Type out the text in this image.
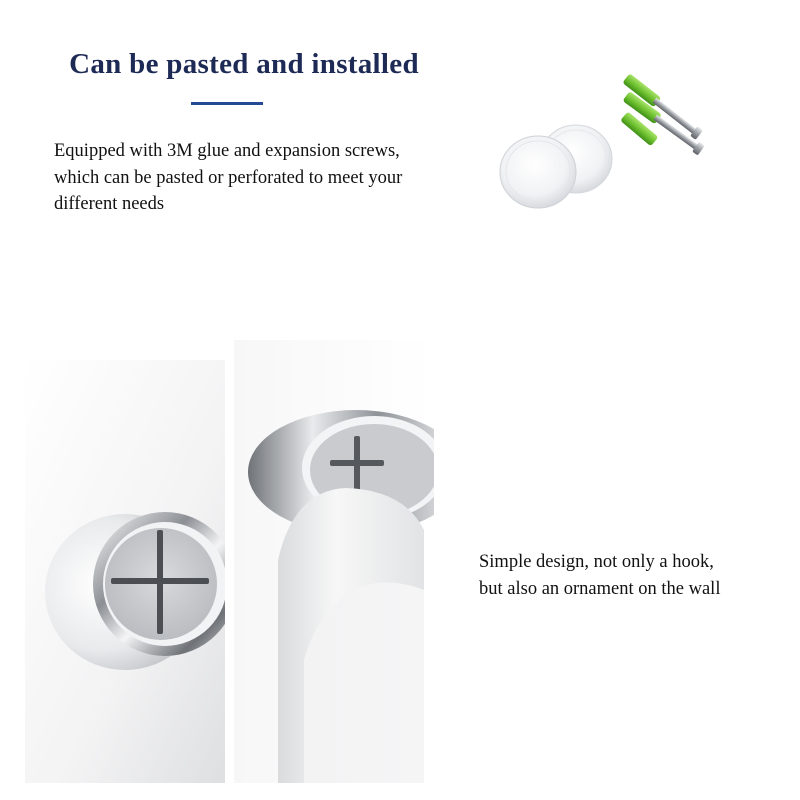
Can be pasted and installed
Equipped with 3M glue and expansion screws,
which can be pasted or perforated to meet your
different needs
Simple design, not only a hook,
but also an ornament on the wall
